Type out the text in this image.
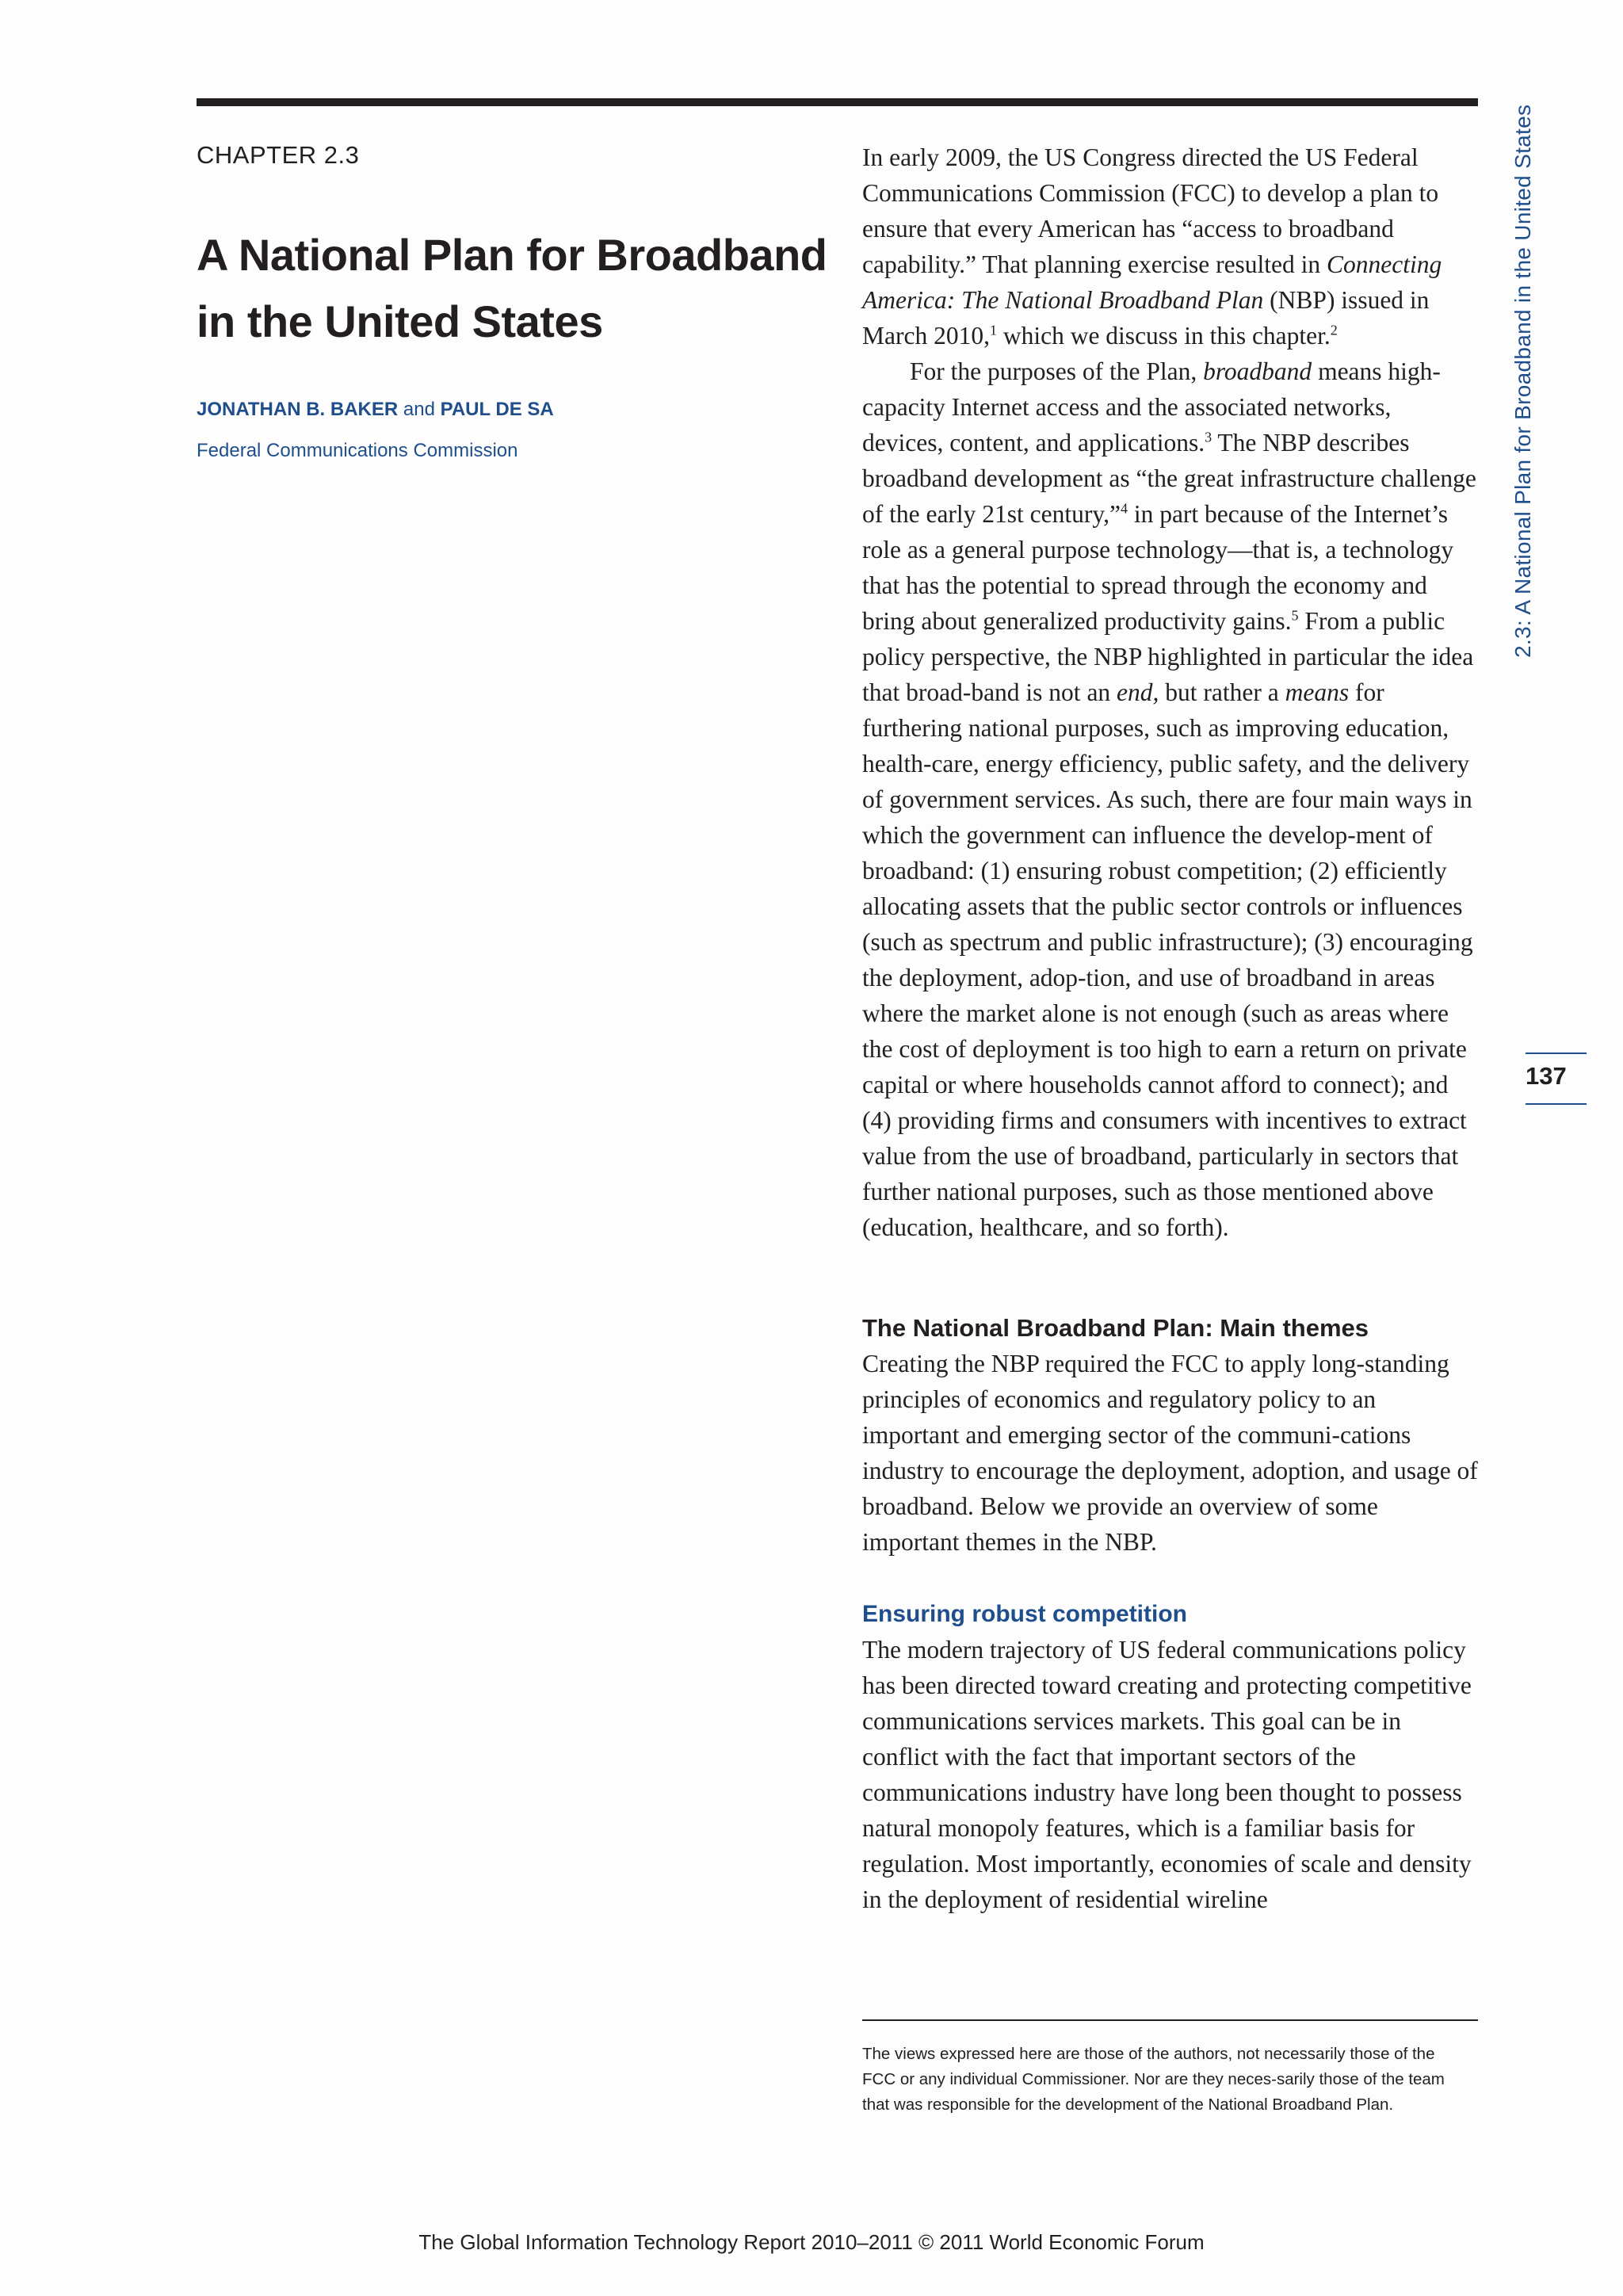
CHAPTER 2.3

A National Plan for Broadband in the United States
JONATHAN B. BAKER and PAUL DE SA
Federal Communications Commission

In early 2009, the US Congress directed the US Federal Communications Commission (FCC) to develop a plan to ensure that every American has “access to broadband capability.” That planning exercise resulted in Connecting America: The National Broadband Plan (NBP) issued in March 2010,$^1$ which we discuss in this chapter.$^2$

For the purposes of the Plan, broadband means high-capacity Internet access and the associated networks, devices, content, and applications.$^3$ The NBP describes broadband development as “the great infrastructure challenge of the early 21st century,”$^4$ in part because of the Internet’s role as a general purpose technology—that is, a technology that has the potential to spread through the economy and bring about generalized productivity gains.$^5$ From a public policy perspective, the NBP highlighted in particular the idea that broad-band is not an end, but rather a means for furthering national purposes, such as improving education, health-care, energy efficiency, public safety, and the delivery of government services. As such, there are four main ways in which the government can influence the develop-ment of broadband: (1) ensuring robust competition; (2) efficiently allocating assets that the public sector controls or influences (such as spectrum and public infrastructure); (3) encouraging the deployment, adop-tion, and use of broadband in areas where the market alone is not enough (such as areas where the cost of deployment is too high to earn a return on private capital or where households cannot afford to connect); and (4) providing firms and consumers with incentives to extract value from the use of broadband, particularly in sectors that further national purposes, such as those mentioned above (education, healthcare, and so forth).

The National Broadband Plan: Main themes

Creating the NBP required the FCC to apply long-standing principles of economics and regulatory policy to an important and emerging sector of the communi-cations industry to encourage the deployment, adoption, and usage of broadband. Below we provide an overview of some important themes in the NBP.

Ensuring robust competition

The modern trajectory of US federal communications policy has been directed toward creating and protecting competitive communications services markets. This goal can be in conflict with the fact that important sectors of the communications industry have long been thought to possess natural monopoly features, which is a familiar basis for regulation. Most importantly, economies of scale and density in the deployment of residential wireline

The views expressed here are those of the authors, not necessarily those of the FCC or any individual Commissioner. Nor are they neces-sarily those of the team that was responsible for the development of the National Broadband Plan.
2.3: A National Plan for Broadband in the United States
137
The Global Information Technology Report 2010–2011 © 2011 World Economic Forum
